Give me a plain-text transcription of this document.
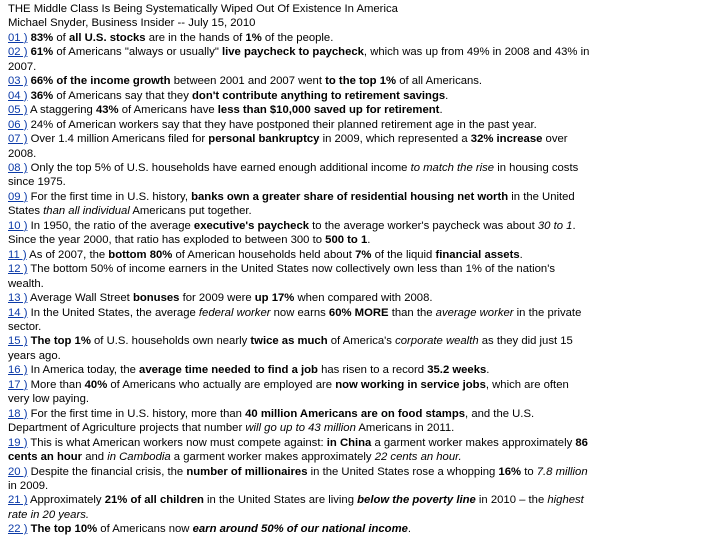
THE Middle Class Is Being Systematically Wiped Out Of Existence In America

Michael Snyder, Business Insider -- July 15, 2010

01 ) 83% of all U.S. stocks are in the hands of 1% of the people.

02 ) 61% of Americans "always or usually" live paycheck to paycheck, which was up from 49% in 2008 and 43% in 2007.

03 ) 66% of the income growth between 2001 and 2007 went to the top 1% of all Americans.

04 ) 36% of Americans say that they don't contribute anything to retirement savings.

05 ) A staggering 43% of Americans have less than $10,000 saved up for retirement.

06 ) 24% of American workers say that they have postponed their planned retirement age in the past year.

07 ) Over 1.4 million Americans filed for personal bankruptcy in 2009, which represented a 32% increase over 2008.

08 ) Only the top 5% of U.S. households have earned enough additional income to match the rise in housing costs since 1975.

09 ) For the first time in U.S. history, banks own a greater share of residential housing net worth in the United States than all individual Americans put together.

10 ) In 1950, the ratio of the average executive's paycheck to the average worker's paycheck was about 30 to 1. Since the year 2000, that ratio has exploded to between 300 to 500 to 1.

11 ) As of 2007, the bottom 80% of American households held about 7% of the liquid financial assets.

12 ) The bottom 50% of income earners in the United States now collectively own less than 1% of the nation's wealth.

13 ) Average Wall Street bonuses for 2009 were up 17% when compared with 2008.

14 ) In the United States, the average federal worker now earns 60% MORE than the average worker in the private sector.

15 ) The top 1% of U.S. households own nearly twice as much of America's corporate wealth as they did just 15 years ago.

16 ) In America today, the average time needed to find a job has risen to a record 35.2 weeks.

17 ) More than 40% of Americans who actually are employed are now working in service jobs, which are often very low paying.

18 ) For the first time in U.S. history, more than 40 million Americans are on food stamps, and the U.S. Department of Agriculture projects that number will go up to 43 million Americans in 2011.

19 ) This is what American workers now must compete against: in China a garment worker makes approximately 86 cents an hour and in Cambodia a garment worker makes approximately 22 cents an hour.

20 ) Despite the financial crisis, the number of millionaires in the United States rose a whopping 16% to 7.8 million in 2009.

21 ) Approximately 21% of all children in the United States are living below the poverty line in 2010 – the highest rate in 20 years.

22 ) The top 10% of Americans now earn around 50% of our national income.
